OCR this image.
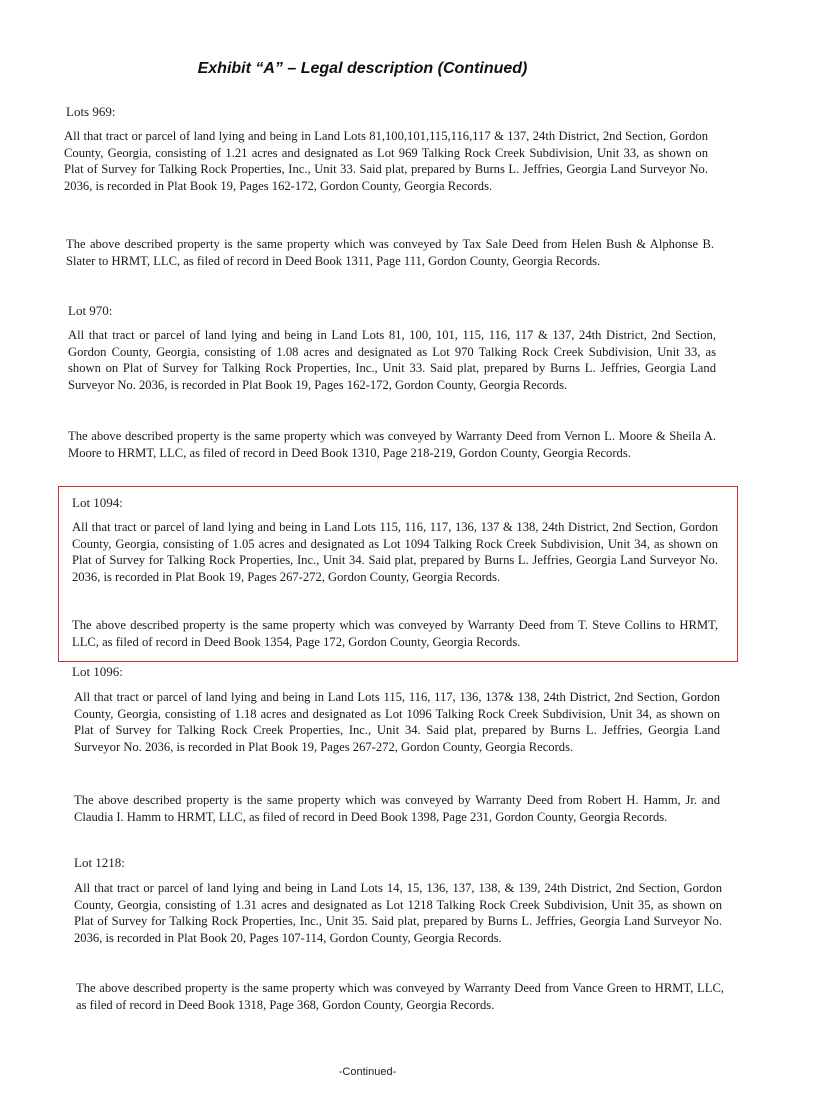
Exhibit “A” – Legal description (Continued)
Lots 969:

All that tract or parcel of land lying and being in Land Lots 81,100,101,115,116,117 & 137, 24th District, 2nd Section, Gordon County, Georgia, consisting of 1.21 acres and designated as Lot 969 Talking Rock Creek Subdivision, Unit 33, as shown on Plat of Survey for Talking Rock Properties, Inc., Unit 33. Said plat, prepared by Burns L. Jeffries, Georgia Land Surveyor No. 2036, is recorded in Plat Book 19, Pages 162-172, Gordon County, Georgia Records.

The above described property is the same property which was conveyed by Tax Sale Deed from Helen Bush & Alphonse B. Slater to HRMT, LLC, as filed of record in Deed Book 1311, Page 111, Gordon County, Georgia Records.

Lot 970:

All that tract or parcel of land lying and being in Land Lots 81, 100, 101, 115, 116, 117 & 137, 24th District, 2nd Section, Gordon County, Georgia, consisting of 1.08 acres and designated as Lot 970 Talking Rock Creek Subdivision, Unit 33, as shown on Plat of Survey for Talking Rock Properties, Inc., Unit 33. Said plat, prepared by Burns L. Jeffries, Georgia Land Surveyor No. 2036, is recorded in Plat Book 19, Pages 162-172, Gordon County, Georgia Records.

The above described property is the same property which was conveyed by Warranty Deed from Vernon L. Moore & Sheila A. Moore to HRMT, LLC, as filed of record in Deed Book 1310, Page 218-219, Gordon County, Georgia Records.

Lot 1094:

All that tract or parcel of land lying and being in Land Lots 115, 116, 117, 136, 137 & 138, 24th District, 2nd Section, Gordon County, Georgia, consisting of 1.05 acres and designated as Lot 1094 Talking Rock Creek Subdivision, Unit 34, as shown on Plat of Survey for Talking Rock Properties, Inc., Unit 34. Said plat, prepared by Burns L. Jeffries, Georgia Land Surveyor No. 2036, is recorded in Plat Book 19, Pages 267-272, Gordon County, Georgia Records.

The above described property is the same property which was conveyed by Warranty Deed from T. Steve Collins to HRMT, LLC, as filed of record in Deed Book 1354, Page 172, Gordon County, Georgia Records.

Lot 1096:

All that tract or parcel of land lying and being in Land Lots 115, 116, 117, 136, 137& 138, 24th District, 2nd Section, Gordon County, Georgia, consisting of 1.18 acres and designated as Lot 1096 Talking Rock Creek Subdivision, Unit 34, as shown on Plat of Survey for Talking Rock Creek Properties, Inc., Unit 34. Said plat, prepared by Burns L. Jeffries, Georgia Land Surveyor No. 2036, is recorded in Plat Book 19, Pages 267-272, Gordon County, Georgia Records.

The above described property is the same property which was conveyed by Warranty Deed from Robert H. Hamm, Jr. and Claudia I. Hamm to HRMT, LLC, as filed of record in Deed Book 1398, Page 231, Gordon County, Georgia Records.

Lot 1218:

All that tract or parcel of land lying and being in Land Lots 14, 15, 136, 137, 138, & 139, 24th District, 2nd Section, Gordon County, Georgia, consisting of 1.31 acres and designated as Lot 1218 Talking Rock Creek Subdivision, Unit 35, as shown on Plat of Survey for Talking Rock Properties, Inc., Unit 35. Said plat, prepared by Burns L. Jeffries, Georgia Land Surveyor No. 2036, is recorded in Plat Book 20, Pages 107-114, Gordon County, Georgia Records.

The above described property is the same property which was conveyed by Warranty Deed from Vance Green to HRMT, LLC, as filed of record in Deed Book 1318, Page 368, Gordon County, Georgia Records.

-Continued-
